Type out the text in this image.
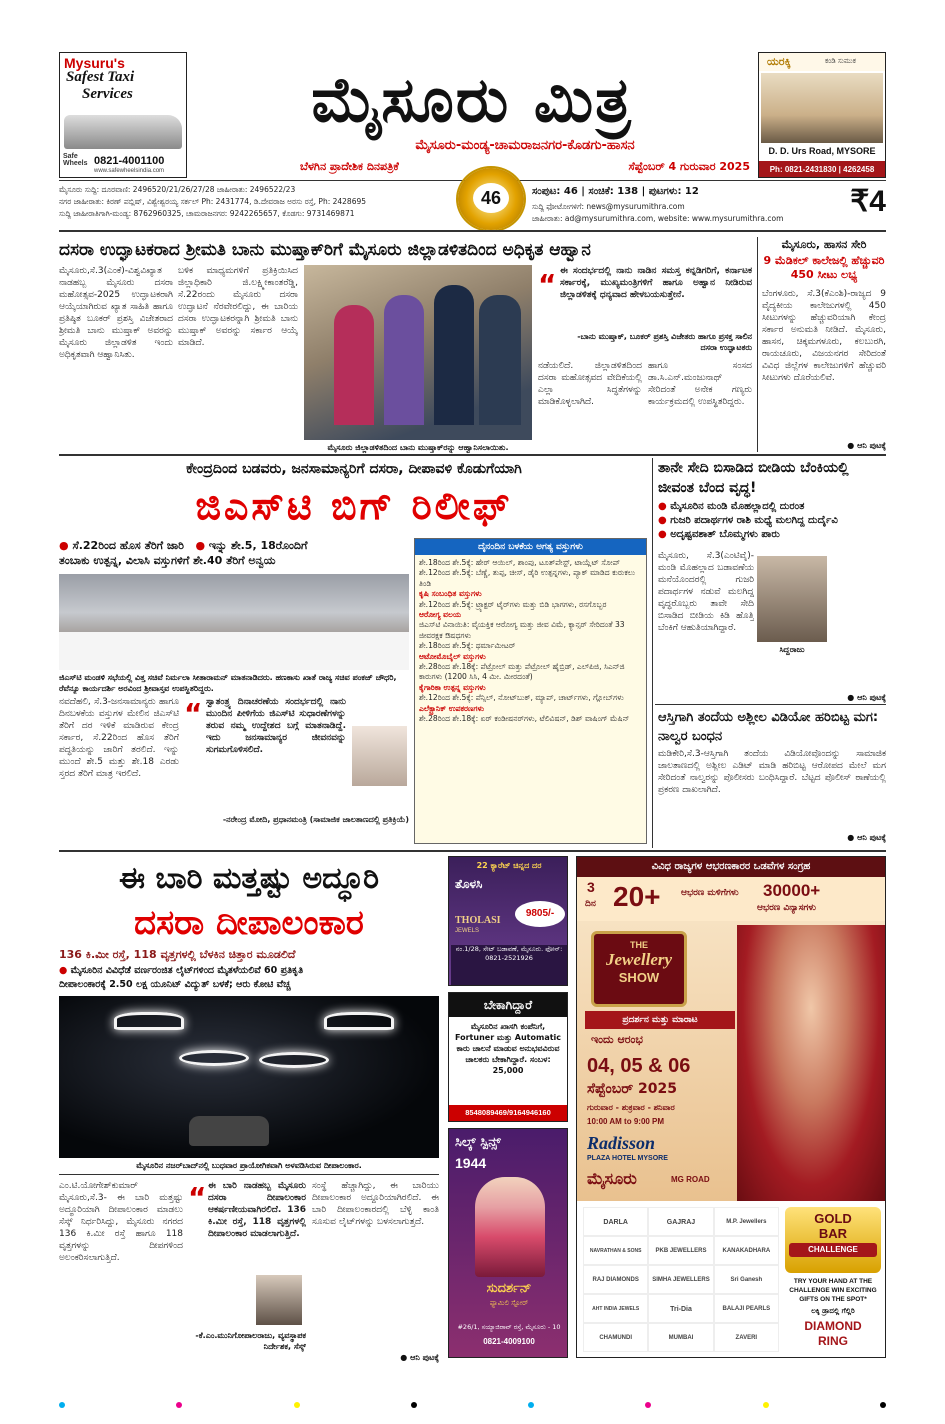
Mysuru's
Safest Taxi
Services
Safe Wheels 0821-4001100
www.safewheelsindia.com
ಮೈಸೂರು ಮಿತ್ರ
ಮೈಸೂರು-ಮಂಡ್ಯ-ಚಾಮರಾಜನಗರ-ಕೊಡಗು-ಹಾಸನ
ಬೆಳಗಿನ ಪ್ರಾದೇಶಿಕ ದಿನಪತ್ರಿಕೆ	ಸೆಪ್ಟೆಂಬರ್ 4 ಗುರುವಾರ 2025
ಯರಕ್ಕಿ	ಕಂಡಿ ಸುಮುಕ
D. D. Urs Road, MYSORE
Ph: 0821-2431830 | 4262458
ಮೈಸೂರು ಸುದ್ದಿ: ದೂರವಾಣಿ: 2496520/21/26/27/28 ಜಾಹೀರಾತು: 2496522/23
ನಗರ ಜಾಹೀರಾತು: ಕಿರಣ್ ಪಬ್ಲಿಷ್, ವಿಶ್ವೇಶ್ವರಯ್ಯ ಸರ್ಕಲ್ Ph: 2431774, ಡಿ.ದೇವರಾಜ ಅರಸು ರಸ್ತೆ, Ph: 2428695
ಸುದ್ದಿ ಜಾಹೀರಾತಿಗಾಗಿ-ಮಂಡ್ಯ: 8762960325, ಚಾಮರಾಜನಗರ: 9242265657, ಕೊಡಗು: 9731469871
46	ಸಂಪುಟ: 46 | ಸಂಚಿಕೆ: 138 | ಪುಟಗಳು: 12
ಸುದ್ದಿ ಫೋಟೋಗಳಿಗೆ: news@mysurumithra.com
ಜಾಹೀರಾತು: ad@mysurumithra.com, website: www.mysurumithra.com
₹4
ದಸರಾ ಉದ್ಘಾಟಕರಾದ ಶ್ರೀಮತಿ ಬಾನು ಮುಷ್ತಾಕ್‌ರಿಗೆ ಮೈಸೂರು ಜಿಲ್ಲಾಡಳಿತದಿಂದ ಅಧಿಕೃತ ಆಹ್ವಾನ
ಮೈಸೂರು,ಸೆ.3(ಎಂಕೆ)-ವಿಶ್ವವಿಖ್ಯಾತ ನಾಡಹಬ್ಬ ಮೈಸೂರು ದಸರಾ ಮಹೋತ್ಸವ-2025 ಉದ್ಘಾಟಕರಾಗಿ ಆಯ್ಕೆಯಾಗಿರುವ ಖ್ಯಾತ ಸಾಹಿತಿ ಹಾಗೂ ಪ್ರತಿಷ್ಠಿತ ಬೂಕರ್ ಪ್ರಶಸ್ತಿ ವಿಜೇತರಾದ ಶ್ರೀಮತಿ ಬಾನು ಮುಷ್ತಾಕ್ ಅವರನ್ನು ಮೈಸೂರು ಜಿಲ್ಲಾಡಳಿತ ಇಂದು ಅಧಿಕೃತವಾಗಿ ಆಹ್ವಾನಿಸಿತು.
ಬಳಿಕ ಮಾಧ್ಯಮಗಳಿಗೆ ಪ್ರತಿಕ್ರಿಯಿಸಿದ ಜಿಲ್ಲಾಧಿಕಾರಿ ಜಿ.ಲಕ್ಷ್ಮೀಕಾಂತರೆಡ್ಡಿ, ಸೆ.22ರಂದು ಮೈಸೂರು ದಸರಾ ಉದ್ಘಾಟನೆ ನೆರವೇರಲಿದ್ದು, ಈ ಬಾರಿಯ ದಸರಾ ಉದ್ಘಾಟಕರನ್ನಾಗಿ ಶ್ರೀಮತಿ ಬಾನು ಮುಷ್ತಾಕ್ ಅವರನ್ನು ಸರ್ಕಾರ ಆಯ್ಕೆ ಮಾಡಿದೆ.
ಮೈಸೂರು ಜಿಲ್ಲಾಡಳಿತದಿಂದ ಬಾನು ಮುಷ್ತಾಕ್‌ರನ್ನು ಆಹ್ವಾನಿಸಲಾಯಿತು.
“ ಈ ಸಂದರ್ಭದಲ್ಲಿ ನಾನು ನಾಡಿನ ಸಮಸ್ತ ಕನ್ನಡಿಗರಿಗೆ, ಕರ್ನಾಟಕ ಸರ್ಕಾರಕ್ಕೆ, ಮುಖ್ಯಮಂತ್ರಿಗಳಿಗೆ ಹಾಗೂ ಅಹ್ವಾನ ನೀಡಿರುವ ಜಿಲ್ಲಾಡಳಿತಕ್ಕೆ ಧನ್ಯವಾದ ಹೇಳಬಯಸುತ್ತೇನೆ.
-ಬಾನು ಮುಷ್ತಾಕ್, ಬೂಕರ್ ಪ್ರಶಸ್ತಿ ವಿಜೇತರು ಹಾಗೂ ಪ್ರಸಕ್ತ ಸಾಲಿನ ದಸರಾ ಉದ್ಘಾಟಕರು
ನಡೆಯಲಿದೆ. ಜಿಲ್ಲಾಡಳಿತದಿಂದ ದಸರಾ ಮಹೋತ್ಸವದ ವೇದಿಕೆಯಲ್ಲಿ ಎಲ್ಲಾ ಸಿದ್ಧತೆಗಳನ್ನು ಮಾಡಿಕೊಳ್ಳಲಾಗಿದೆ.
ಹಾಗೂ ಸಂಸದ ಡಾ.ಸಿ.ಎನ್.ಮಂಜುನಾಥ್ ಸೇರಿದಂತೆ ಅನೇಕ ಗಣ್ಯರು ಕಾರ್ಯಕ್ರಮದಲ್ಲಿ ಉಪಸ್ಥಿತರಿದ್ದರು.
ಮೈಸೂರು, ಹಾಸನ ಸೇರಿ
9 ಮೆಡಿಕಲ್ ಕಾಲೇಜಲ್ಲಿ ಹೆಚ್ಚುವರಿ 450 ಸೀಟು ಲಭ್ಯ
ಬೆಂಗಳೂರು, ಸೆ.3(ಕೆಎಂಶಿ)-ರಾಜ್ಯದ 9 ವೈದ್ಯಕೀಯ ಕಾಲೇಜುಗಳಲ್ಲಿ 450 ಸೀಟುಗಳನ್ನು ಹೆಚ್ಚುವರಿಯಾಗಿ ಕೇಂದ್ರ ಸರ್ಕಾರ ಅನುಮತಿ ನೀಡಿದೆ. ಮೈಸೂರು, ಹಾಸನ, ಚಿಕ್ಕಮಗಳೂರು, ಕಲಬುರಗಿ, ರಾಯಚೂರು, ವಿಜಯನಗರ ಸೇರಿದಂತೆ ವಿವಿಧ ಜಿಲ್ಲೆಗಳ ಕಾಲೇಜುಗಳಿಗೆ ಹೆಚ್ಚುವರಿ ಸೀಟುಗಳು ದೊರೆಯಲಿವೆ.
● ಆನಿ ಪುಟಕ್ಕೆ
ಕೇಂದ್ರದಿಂದ ಬಡವರು, ಜನಸಾಮಾನ್ಯರಿಗೆ ದಸರಾ, ದೀಪಾವಳಿ ಕೊಡುಗೆಯಾಗಿ
ಜಿಎಸ್‌ಟಿ ಬಿಗ್ ರಿಲೀಫ್
● ಸೆ.22ರಿಂದ ಹೊಸ ತೆರಿಗೆ ಜಾರಿ   ● ಇನ್ನು ಶೇ.5, 18ರೊಂದಿಗೆ
ತಂಬಾಕು ಉತ್ಪನ್ನ, ವಿಲಾಸಿ ವಸ್ತುಗಳಿಗೆ ಶೇ.40 ತೆರಿಗೆ ಅನ್ವಯ
ಜಿಎಸ್‌ಟಿ ಮಂಡಳಿ ಸಭೆಯಲ್ಲಿ ವಿತ್ತ ಸಚಿವೆ ನಿರ್ಮಲಾ ಸೀತಾರಾಮನ್ ಮಾತನಾಡಿದರು. ಹಣಕಾಸು ಖಾತೆ ರಾಜ್ಯ ಸಚಿವ ಪಂಕಜ್ ಚೌಧರಿ, ರೆವೆನ್ಯೂ ಕಾರ್ಯದರ್ಶಿ ಅರವಿಂದ ಶ್ರೀವಾಸ್ತವ ಉಪಸ್ಥಿತರಿದ್ದರು.
ನವದೆಹಲಿ, ಸೆ.3-ಜನಸಾಮಾನ್ಯರು ಹಾಗೂ ದಿನಬಳಕೆಯ ವಸ್ತುಗಳ ಮೇಲಿನ ಜಿಎಸ್‌ಟಿ ತೆರಿಗೆ ದರ ಇಳಿಕೆ ಮಾಡಿರುವ ಕೇಂದ್ರ ಸರ್ಕಾರ, ಸೆ.22ರಿಂದ ಹೊಸ ತೆರಿಗೆ ಪದ್ಧತಿಯನ್ನು ಜಾರಿಗೆ ತರಲಿದೆ. ಇನ್ನು ಮುಂದೆ ಶೇ.5 ಮತ್ತು ಶೇ.18 ಎರಡು ಸ್ತರದ ತೆರಿಗೆ ಮಾತ್ರ ಇರಲಿದೆ.
“ ಸ್ವಾತಂತ್ರ್ಯ ದಿನಾಚರಣೆಯ ಸಂದರ್ಭದಲ್ಲಿ ನಾನು ಮುಂದಿನ ಪೀಳಿಗೆಯ ಜಿಎಸ್‌ಟಿ ಸುಧಾರಣೆಗಳನ್ನು ತರುವ ನಮ್ಮ ಉದ್ದೇಶದ ಬಗ್ಗೆ ಮಾತನಾಡಿದ್ದೆ. ಇದು ಜನಸಾಮಾನ್ಯರ ಜೀವನವನ್ನು ಸುಗಮಗೊಳಿಸಲಿದೆ.
-ನರೇಂದ್ರ ಮೋದಿ, ಪ್ರಧಾನಮಂತ್ರಿ (ಸಾಮಾಜಿಕ ಜಾಲತಾಣದಲ್ಲಿ ಪ್ರತಿಕ್ರಿಯೆ)
ದೈನಂದಿನ ಬಳಕೆಯ ಅಗತ್ಯ ವಸ್ತುಗಳು
ಶೇ.18ರಿಂದ ಶೇ.5ಕ್ಕೆ: ಹೇರ್ ಆಯಿಲ್, ಶಾಂಪು, ಟೂತ್‌ಪೇಸ್ಟ್, ಟಾಯ್ಲೆಟ್ ಸೋಪ್
ಶೇ.12ರಿಂದ ಶೇ.5ಕ್ಕೆ: ಬೆಣ್ಣೆ, ತುಪ್ಪ, ಚೀಸ್, ಡೈರಿ ಉತ್ಪನ್ನಗಳು, ಪ್ಯಾಕ್ ಮಾಡಿದ ಕುರುಕಲು ತಿಂಡಿ
ಕೃಷಿ ಸಂಬಂಧಿತ ವಸ್ತುಗಳು
ಶೇ.12ರಿಂದ ಶೇ.5ಕ್ಕೆ: ಟ್ರ್ಯಾಕ್ಟರ್ ಟೈರ್‌ಗಳು ಮತ್ತು ಬಿಡಿ ಭಾಗಗಳು, ರಸಗೊಬ್ಬರ
ಆರೋಗ್ಯ ವಲಯ
ಜಿಎಸ್‌ಟಿ ವಿನಾಯಿತಿ: ವೈಯಕ್ತಿಕ ಆರೋಗ್ಯ ಮತ್ತು ಜೀವ ವಿಮೆ, ಕ್ಯಾನ್ಸರ್ ಸೇರಿದಂತೆ 33 ಜೀವರಕ್ಷಕ ಔಷಧಗಳು
ಶೇ.18ರಿಂದ ಶೇ.5ಕ್ಕೆ: ಥರ್ಮಾಮೀಟರ್
ಆಟೋಮೊಬೈಲ್ ವಸ್ತುಗಳು
ಶೇ.28ರಿಂದ ಶೇ.18ಕ್ಕೆ: ಪೆಟ್ರೋಲ್ ಮತ್ತು ಪೆಟ್ರೋಲ್ ಹೈಬ್ರಿಡ್, ಎಲ್‌ಪಿಜಿ, ಸಿಎನ್‌ಜಿ ಕಾರುಗಳು (1200 ಸಿಸಿ, 4 ಮೀ. ಮೀರದಂತೆ)
ಕೈಗಾರಿಕಾ ಉತ್ಪನ್ನ ವಸ್ತುಗಳು
ಶೇ.12ರಿಂದ ಶೇ.5ಕ್ಕೆ: ಪೆನ್ಸಿಲ್, ನೋಟ್‌ಬುಕ್, ಮ್ಯಾಪ್, ಚಾರ್ಟ್‌ಗಳು, ಗ್ಲೋಬ್‌ಗಳು
ಎಲೆಕ್ಟ್ರಾನಿಕ್ ಉಪಕರಣಗಳು
ಶೇ.28ರಿಂದ ಶೇ.18ಕ್ಕೆ: ಏರ್ ಕಂಡೀಷನರ್‌ಗಳು, ಟೆಲಿವಿಷನ್, ಡಿಶ್ ವಾಷಿಂಗ್ ಮೆಷಿನ್
ತಾನೇ ಸೇದಿ ಬಿಸಾಡಿದ ಬೀಡಿಯ ಬೆಂಕಿಯಲ್ಲಿ ಜೀವಂತ ಬೆಂದ ವೃದ್ಧ!
● ಮೈಸೂರಿನ ಮಂಡಿ ಮೊಹಲ್ಲಾದಲ್ಲಿ ದುರಂತ
● ಗುಜರಿ ಪದಾರ್ಥಗಳ ರಾಶಿ ಮಧ್ಯೆ ಮಲಗಿದ್ದ ದುರ್ದೈವಿ
● ಅದೃಷ್ಟವಶಾತ್ ಬೊಮ್ಮಗಳು ಪಾರು
ಮೈಸೂರು, ಸೆ.3(ಎಂಟಿವೈ)-ಮಂಡಿ ಮೊಹಲ್ಲಾದ ಬಡಾವಣೆಯ ಮನೆಯೊಂದರಲ್ಲಿ ಗುಜರಿ ಪದಾರ್ಥಗಳ ನಡುವೆ ಮಲಗಿದ್ದ ವೃದ್ಧರೊಬ್ಬರು ತಾವೇ ಸೇದಿ ಬಿಸಾಡಿದ ಬೀಡಿಯ ಕಿಡಿ ಹೊತ್ತಿ ಬೆಂಕಿಗೆ ಆಹುತಿಯಾಗಿದ್ದಾರೆ.
ಸಿದ್ದರಾಜು
● ಆನಿ ಪುಟಕ್ಕೆ
ಆಸ್ತಿಗಾಗಿ ತಂದೆಯ ಅಶ್ಲೀಲ ವಿಡಿಯೋ ಹರಿಬಿಟ್ಟ ಮಗ: ನಾಲ್ವರ ಬಂಧನ
ಮಡಿಕೇರಿ,ಸೆ.3-ಆಸ್ತಿಗಾಗಿ ತಂದೆಯ ವಿಡಿಯೋವೊಂದನ್ನು ಸಾಮಾಜಿಕ ಜಾಲತಾಣದಲ್ಲಿ ಅಶ್ಲೀಲ ಎಡಿಟ್ ಮಾಡಿ ಹರಿಬಿಟ್ಟ ಆರೋಪದ ಮೇಲೆ ಮಗ ಸೇರಿದಂತೆ ನಾಲ್ವರನ್ನು ಪೊಲೀಸರು ಬಂಧಿಸಿದ್ದಾರೆ. ಬೆಟ್ಟದ ಪೊಲೀಸ್ ಠಾಣೆಯಲ್ಲಿ ಪ್ರಕರಣ ದಾಖಲಾಗಿದೆ.
● ಆನಿ ಪುಟಕ್ಕೆ
ಈ ಬಾರಿ ಮತ್ತಷ್ಟು ಅದ್ಧೂರಿ
ದಸರಾ ದೀಪಾಲಂಕಾರ
136 ಕಿ.ಮೀ ರಸ್ತೆ, 118 ವೃತ್ತಗಳಲ್ಲಿ ಬೆಳಕಿನ ಚಿತ್ತಾರ ಮೂಡಲಿದೆ
● ಮೈಸೂರಿನ ವಿವಿಧೆಡೆ ವರ್ಣರಂಜಿತ ಲೈಟ್‌ಗಳಿಂದ ಮೈತಳೆಯಲಿವೆ 60 ಪ್ರತಿಕೃತಿ
ದೀಪಾಲಂಕಾರಕ್ಕೆ 2.50 ಲಕ್ಷ ಯೂನಿಟ್ ವಿದ್ಯುತ್ ಬಳಕೆ; ಆರು ಕೋಟಿ ವೆಚ್ಚ
ಮೈಸೂರಿನ ನಜರ್‌ಬಾದ್‌ನಲ್ಲಿ ಬುಧವಾರ ಪ್ರಾಯೋಗಿಕವಾಗಿ ಅಳವಡಿಸಿರುವ ದೀಪಾಲಂಕಾರ.
ಎಂ.ಟಿ.ಯೋಗೇಶ್‌ಕುಮಾರ್ ಮೈಸೂರು,ಸೆ.3- ಈ ಬಾರಿ ಮತ್ತಷ್ಟು ಅದ್ಧೂರಿಯಾಗಿ ದೀಪಾಲಂಕಾರ ಮಾಡಲು ಸೆಸ್ಕ್ ನಿರ್ಧರಿಸಿದ್ದು, ಮೈಸೂರು ನಗರದ 136 ಕಿ.ಮೀ ರಸ್ತೆ ಹಾಗೂ 118 ವೃತ್ತಗಳನ್ನು ದೀಪಗಳಿಂದ ಅಲಂಕರಿಸಲಾಗುತ್ತಿದೆ.
“ ಈ ಬಾರಿ ನಾಡಹಬ್ಬ ಮೈಸೂರು ದಸರಾ ದೀಪಾಲಂಕಾರ ಆಕರ್ಷಣೀಯವಾಗಿರಲಿದೆ. 136 ಕಿ.ಮೀ ರಸ್ತೆ, 118 ವೃತ್ತಗಳಲ್ಲಿ ದೀಪಾಲಂಕಾರ ಮಾಡಲಾಗುತ್ತಿದೆ.
-ಕೆ.ಎಂ.ಮುನಿಗೋಪಾಲರಾಜು, ವ್ಯವಸ್ಥಾಪಕ ನಿರ್ದೇಶಕ, ಸೆಸ್ಕ್
ಸಂಸ್ಥೆ ಹೆಚ್ಚಾಗಿದ್ದು, ಈ ಬಾರಿಯು ದೀಪಾಲಂಕಾರ ಅದ್ದೂರಿಯಾಗಿರಲಿದೆ. ಈ ಬಾರಿ ದೀಪಾಲಂಕಾರದಲ್ಲಿ ಬೆಳ್ಳಿ ಕಾಂತಿ ಸೂಸುವ ಲೈಟ್‌ಗಳನ್ನು ಬಳಸಲಾಗುತ್ತದೆ.
● ಆನಿ ಪುಟಕ್ಕೆ
22 ಕ್ಯಾರೆಟ್ ಚಿನ್ನದ ದರ
ತೊಳಸಿ
THOLASI
JEWELS
9805/-
ನಂ.1/28, ಸೇಟ್ ಬಡಾವಣೆ, ಮೈಸೂರು. ಫೋನ್: 0821-2521926
ಬೇಕಾಗಿದ್ದಾರೆ
ಮೈಸೂರಿನ ಖಾಸಗಿ ಕಂಪೆನಿಗೆ, Fortuner ಮತ್ತು Automatic ಕಾರು ಚಾಲನೆ ಮಾಡುವ ಅನುಭವವಿರುವ ಚಾಲಕರು ಬೇಕಾಗಿದ್ದಾರೆ. ಸಂಬಳ: 25,000
8548089469/9164946160
ಸಿಲ್ಕ್ ಸ್ಪಿನ್ಸ್
1944
ಸುದರ್ಶನ್
ಫ್ಯಾಮಿಲಿ ಸ್ಟೋರ್
#26/1, ಸಯ್ಯಾಜಿರಾವ್ ರಸ್ತೆ, ಮೈಸೂರು - 10
0821-4009100
ವಿವಿಧ ರಾಜ್ಯಗಳ ಆಭರಣಕಾರರ ಒಡವೆಗಳ ಸಂಗ್ರಹ
3
ದಿನ 20+ ಆಭರಣ ಮಳಿಗೆಗಳು	30000+
ಆಭರಣ ವಿನ್ಯಾಸಗಳು
THE
Jewellery
SHOW
ಪ್ರದರ್ಶನ ಮತ್ತು ಮಾರಾಟ
ಇಂದು ಆರಂಭ
04, 05 & 06
ಸೆಪ್ಟೆಂಬರ್ 2025
ಗುರುವಾರ - ಶುಕ್ರವಾರ - ಶನಿವಾರ
10:00 AM to 9:00 PM
Radisson
PLAZA HOTEL MYSORE
ಮೈಸೂರು	MG ROAD
DARLA	GAJRAJ	M.P. Jewellers
NAVRATHAN & SONS	PKB JEWELLERS	KANAKADHARA
RAJ DIAMONDS	SIMHA JEWELLERS	Sri Ganesh
AHT INDIA JEWELS	Tri-Dia	BALAJI PEARLS
CHAMUNDI	MUMBAI	ZAVERI
GOLD
BAR
CHALLENGE
TRY YOUR HAND AT THE CHALLENGE WIN EXCITING GIFTS ON THE SPOT*
ಲಕ್ಕಿ ಡ್ರಾದಲ್ಲಿ ಗೆಲ್ಲಿರಿ
DIAMOND
RING
